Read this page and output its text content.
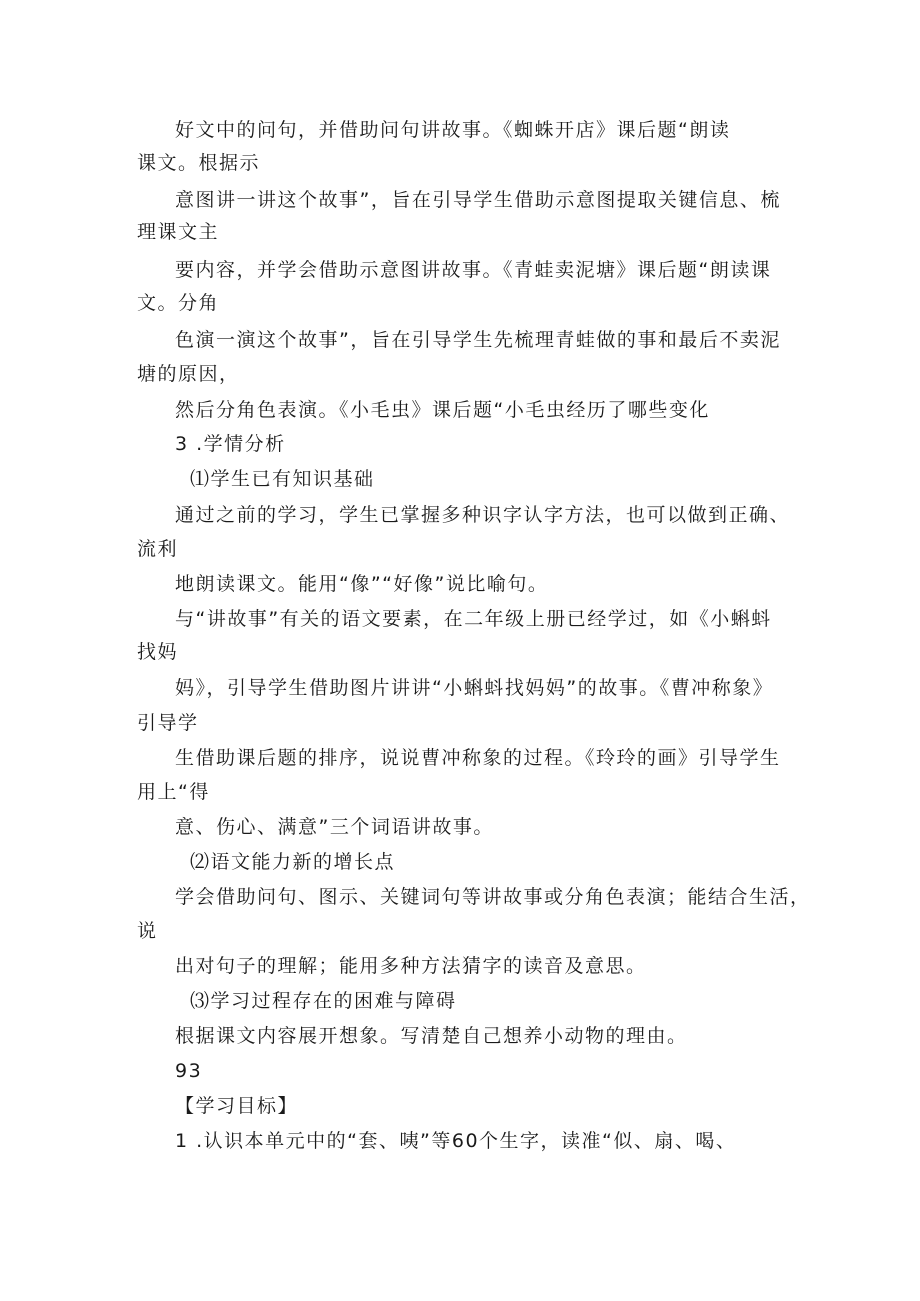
好文中的问句，并借助问句讲故事。《蜘蛛开店》课后题“朗读
课文。根据示
意图讲一讲这个故事”，旨在引导学生借助示意图提取关键信息、梳
理课文主
要内容，并学会借助示意图讲故事。《青蛙卖泥塘》课后题“朗读课
文。分角
色演一演这个故事”，旨在引导学生先梳理青蛙做的事和最后不卖泥
塘的原因，
然后分角色表演。《小毛虫》课后题“小毛虫经历了哪些变化
3 .学情分析
⑴学生已有知识基础
通过之前的学习，学生已掌握多种识字认字方法，也可以做到正确、
流利
地朗读课文。能用“像”“好像”说比喻句。
与“讲故事”有关的语文要素，在二年级上册已经学过，如《小蝌蚪
找妈
妈》，引导学生借助图片讲讲“小蝌蚪找妈妈”的故事。《曹冲称象》
引导学
生借助课后题的排序，说说曹冲称象的过程。《玲玲的画》引导学生
用上“得
意、伤心、满意”三个词语讲故事。
⑵语文能力新的增长点
学会借助问句、图示、关键词句等讲故事或分角色表演；能结合生活，
说
出对句子的理解；能用多种方法猜字的读音及意思。
⑶学习过程存在的困难与障碍
根据课文内容展开想象。写清楚自己想养小动物的理由。
93
【学习目标】
1 .认识本单元中的“套、咦”等60个生字，读准“似、扇、喝、
